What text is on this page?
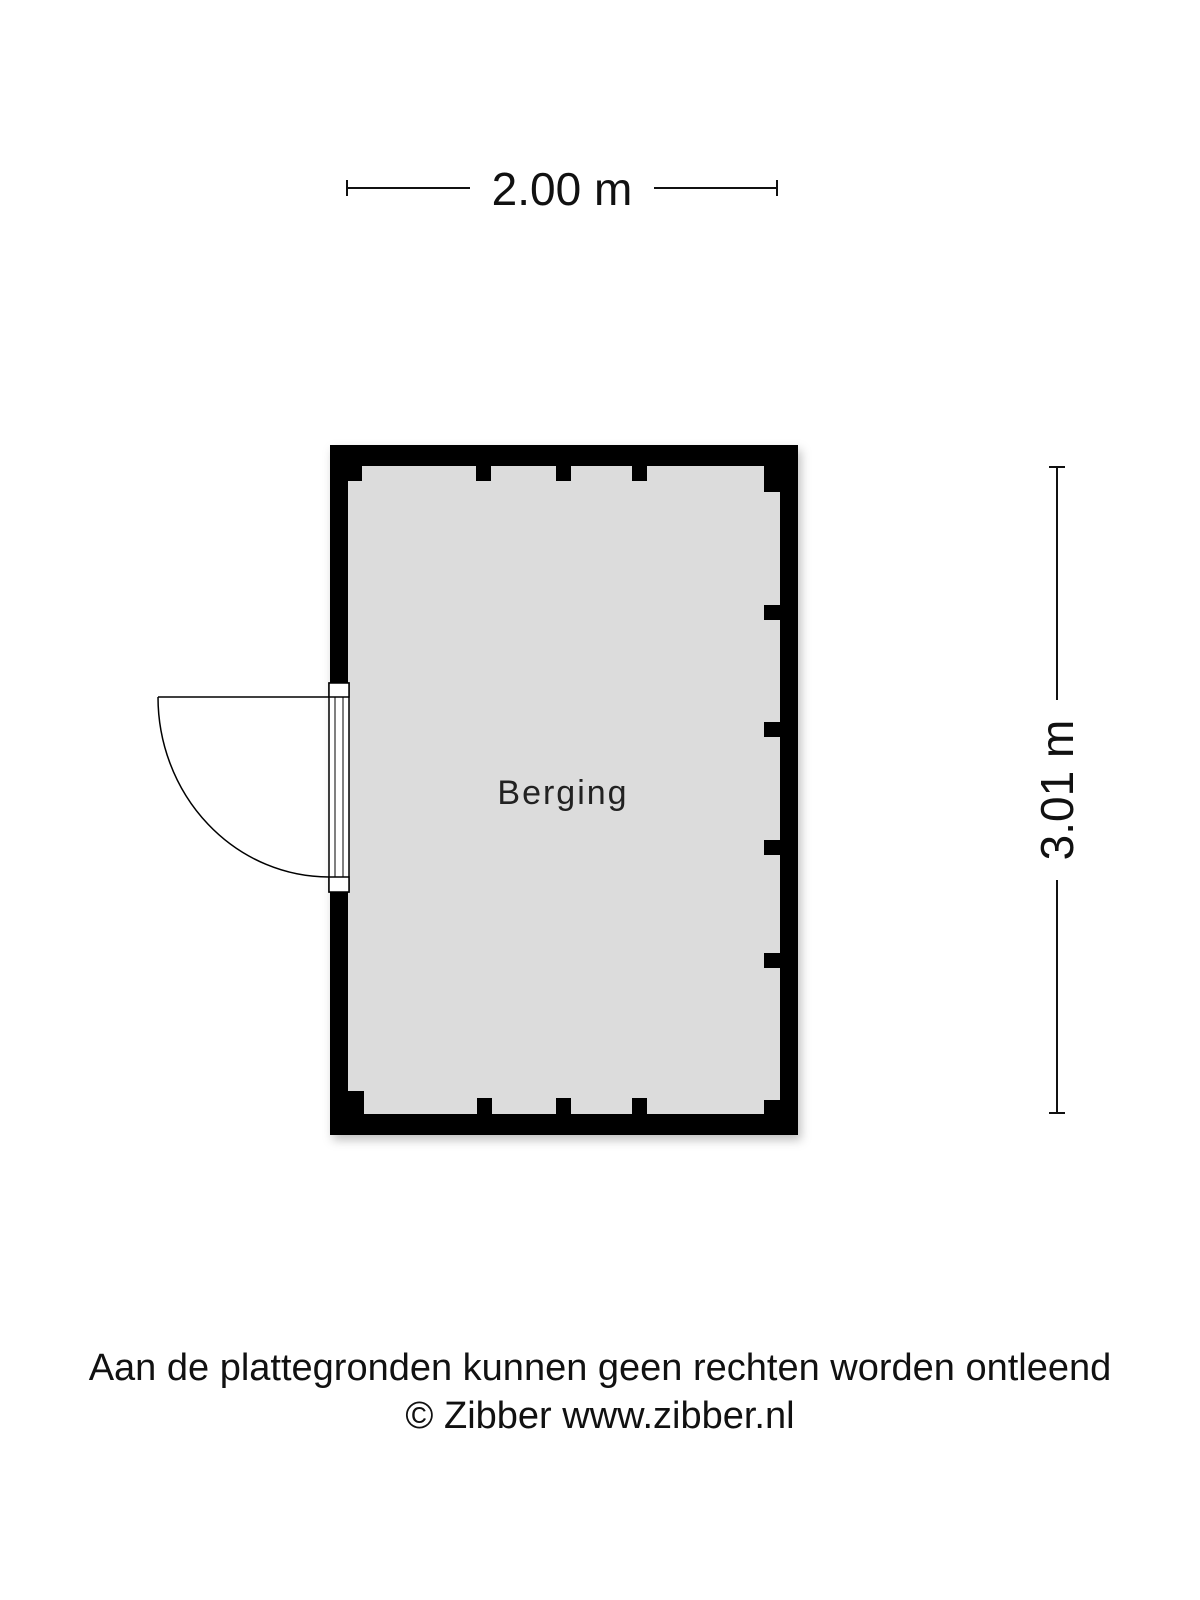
2.00 m
3.01 m
Berging
Aan de plattegronden kunnen geen rechten worden ontleend
© Zibber www.zibber.nl
